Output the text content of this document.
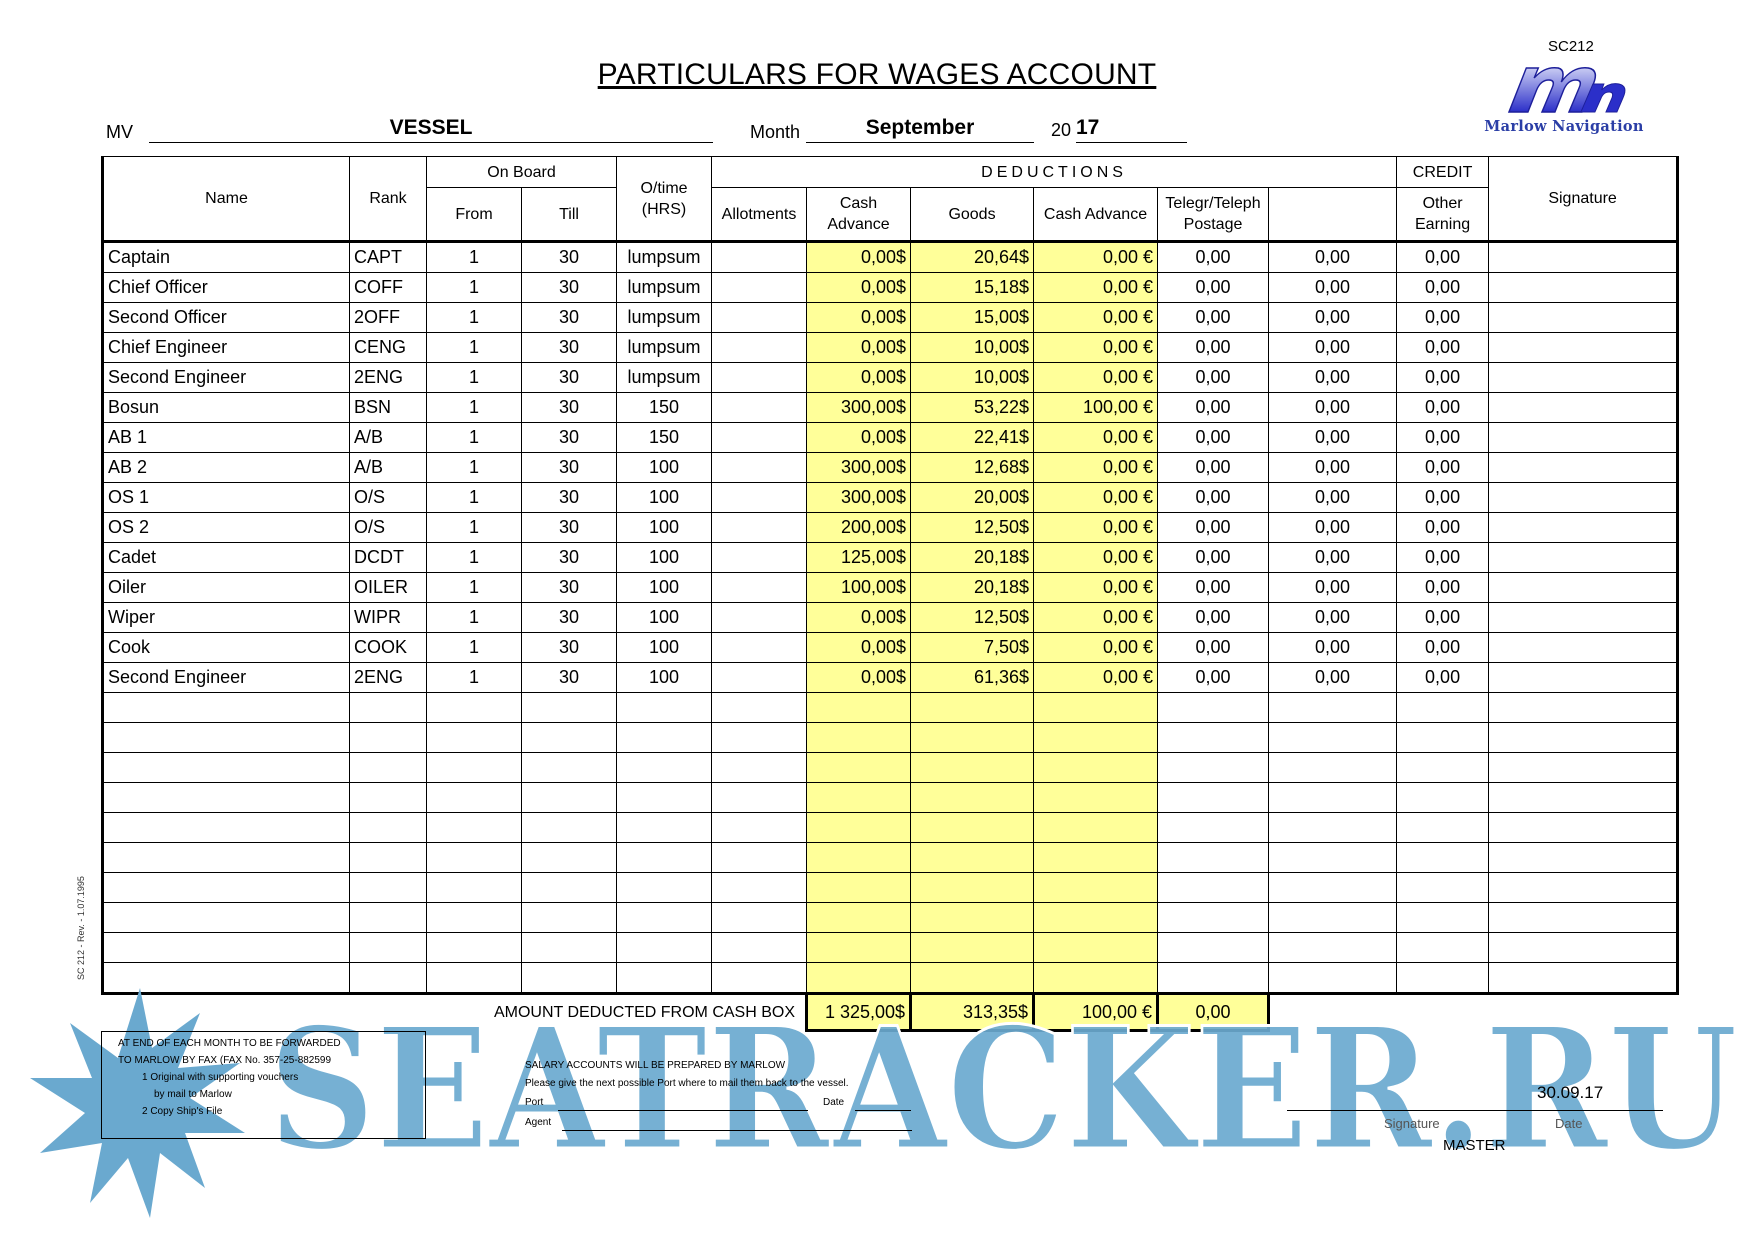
SC212
PARTICULARS FOR WAGES ACCOUNT
MV	VESSEL	Month	September	20 17	Marlow Navigation
SC 212 - Rev. - 1.07.1995
Name	Rank	On Board		O/time (HRS)	DEDUCTIONS						CREDIT	Signature
		From	Till		Allotments	Cash Advance	Goods	Cash Advance	Telegr/Teleph Postage		Other Earning	
Captain	CAPT	1	30	lumpsum		0,00$	20,64$	0,00 €	0,00	0,00	0,00	
Chief Officer	COFF	1	30	lumpsum		0,00$	15,18$	0,00 €	0,00	0,00	0,00	
Second Officer	2OFF	1	30	lumpsum		0,00$	15,00$	0,00 €	0,00	0,00	0,00	
Chief Engineer	CENG	1	30	lumpsum		0,00$	10,00$	0,00 €	0,00	0,00	0,00	
Second Engineer	2ENG	1	30	lumpsum		0,00$	10,00$	0,00 €	0,00	0,00	0,00	
Bosun	BSN	1	30	150		300,00$	53,22$	100,00 €	0,00	0,00	0,00	
AB 1	A/B	1	30	150		0,00$	22,41$	0,00 €	0,00	0,00	0,00	
AB 2	A/B	1	30	100		300,00$	12,68$	0,00 €	0,00	0,00	0,00	
OS 1	O/S	1	30	100		300,00$	20,00$	0,00 €	0,00	0,00	0,00	
OS 2	O/S	1	30	100		200,00$	12,50$	0,00 €	0,00	0,00	0,00	
Cadet	DCDT	1	30	100		125,00$	20,18$	0,00 €	0,00	0,00	0,00	
Oiler	OILER	1	30	100		100,00$	20,18$	0,00 €	0,00	0,00	0,00	
Wiper	WIPR	1	30	100		0,00$	12,50$	0,00 €	0,00	0,00	0,00	
Cook	COOK	1	30	100		0,00$	7,50$	0,00 €	0,00	0,00	0,00	
Second Engineer	2ENG	1	30	100		0,00$	61,36$	0,00 €	0,00	0,00	0,00	

AMOUNT DEDUCTED FROM CASH BOX						1 325,00$	313,35$	100,00 €	0,00			
SEATRACKER.RU
AT END OF EACH MONTH TO BE FORWARDED
TO MARLOW BY FAX (FAX No. 357-25-882599
1 Original with supporting vouchers
by mail to Marlow
2 Copy Ship's File
SALARY ACCOUNTS WILL BE PREPARED BY MARLOW
Please give the next possible Port where to mail them back to the vessel.
Port	Date
Agent
30.09.17
Signature	Date
MASTER
